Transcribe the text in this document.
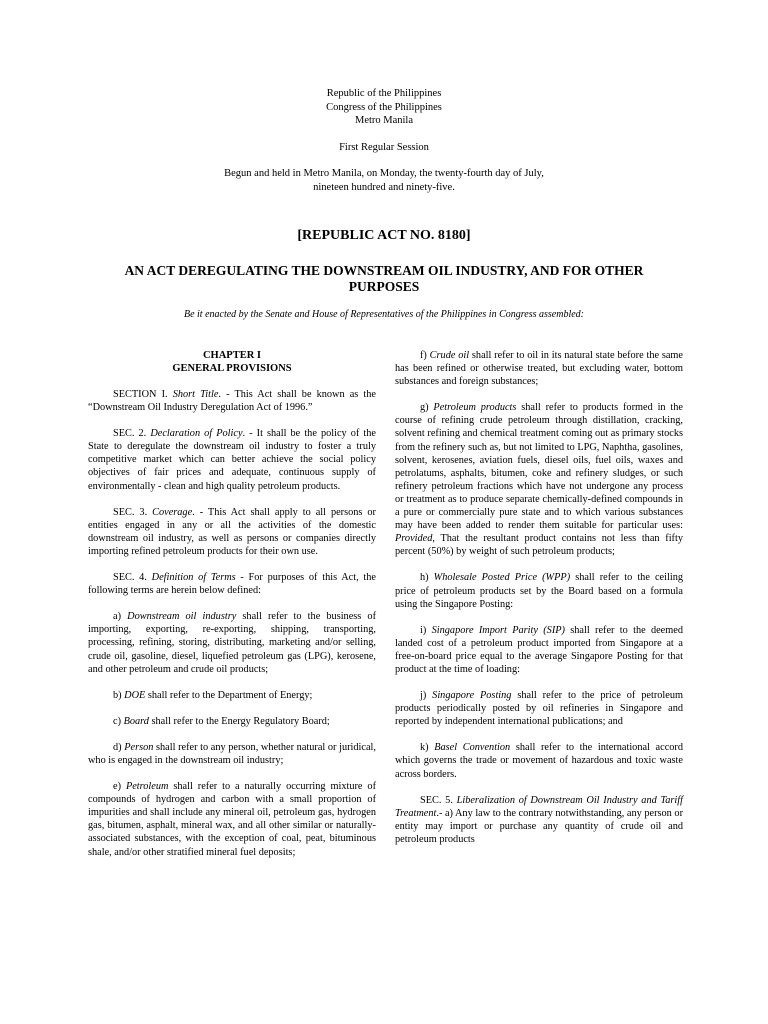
Republic of the Philippines
Congress of the Philippines
Metro Manila
First Regular Session
Begun and held in Metro Manila, on Monday, the twenty-fourth day of July,
nineteen hundred and ninety-five.
[REPUBLIC ACT NO. 8180]
AN ACT DEREGULATING THE DOWNSTREAM OIL INDUSTRY, AND FOR OTHER PURPOSES
Be it enacted by the Senate and House of Representatives of the Philippines in Congress assembled:
CHAPTER I
GENERAL PROVISIONS

SECTION I. Short Title. - This Act shall be known as the “Downstream Oil Industry Deregulation Act of 1996.”

SEC. 2. Declaration of Policy. - It shall be the policy of the State to deregulate the downstream oil industry to foster a truly competitive market which can better achieve the social policy objectives of fair prices and adequate, continuous supply of environmentally - clean and high quality petroleum products.

SEC. 3. Coverage. - This Act shall apply to all persons or entities engaged in any or all the activities of the domestic downstream oil industry, as well as persons or companies directly importing refined petroleum products for their own use.

SEC. 4. Definition of Terms - For purposes of this Act, the following terms are herein below defined:

a) Downstream oil industry shall refer to the business of importing, exporting, re-exporting, shipping, transporting, processing, refining, storing, distributing, marketing and/or selling, crude oil, gasoline, diesel, liquefied petroleum gas (LPG), kerosene, and other petroleum and crude oil products;

b) DOE shall refer to the Department of Energy;

c) Board shall refer to the Energy Regulatory Board;

d) Person shall refer to any person, whether natural or juridical, who is engaged in the downstream oil industry;

e) Petroleum shall refer to a naturally occurring mixture of compounds of hydrogen and carbon with a small proportion of impurities and shall include any mineral oil, petroleum gas, hydrogen gas, bitumen, asphalt, mineral wax, and all other similar or naturally-associated substances, with the exception of coal, peat, bituminous shale, and/or other stratified mineral fuel deposits;

f) Crude oil shall refer to oil in its natural state before the same has been refined or otherwise treated, but excluding water, bottom substances and foreign substances;

g) Petroleum products shall refer to products formed in the course of refining crude petroleum through distillation, cracking, solvent refining and chemical treatment coming out as primary stocks from the refinery such as, but not limited to LPG, Naphtha, gasolines, solvent, kerosenes, aviation fuels, diesel oils, fuel oils, waxes and petrolatums, asphalts, bitumen, coke and refinery sludges, or such refinery petroleum fractions which have not undergone any process or treatment as to produce separate chemically-defined compounds in a pure or commercially pure state and to which various substances may have been added to render them suitable for particular uses: Provided, That the resultant product contains not less than fifty percent (50%) by weight of such petroleum products;

h) Wholesale Posted Price (WPP) shall refer to the ceiling price of petroleum products set by the Board based on a formula using the Singapore Posting:

i) Singapore Import Parity (SIP) shall refer to the deemed landed cost of a petroleum product imported from Singapore at a free-on-board price equal to the average Singapore Posting for that product at the time of loading:

j) Singapore Posting shall refer to the price of petroleum products periodically posted by oil refineries in Singapore and reported by independent international publications; and

k) Basel Convention shall refer to the international accord which governs the trade or movement of hazardous and toxic waste across borders.

SEC. 5. Liberalization of Downstream Oil Industry and Tariff Treatment.- a) Any law to the contrary notwithstanding, any person or entity may import or purchase any quantity of crude oil and petroleum products
